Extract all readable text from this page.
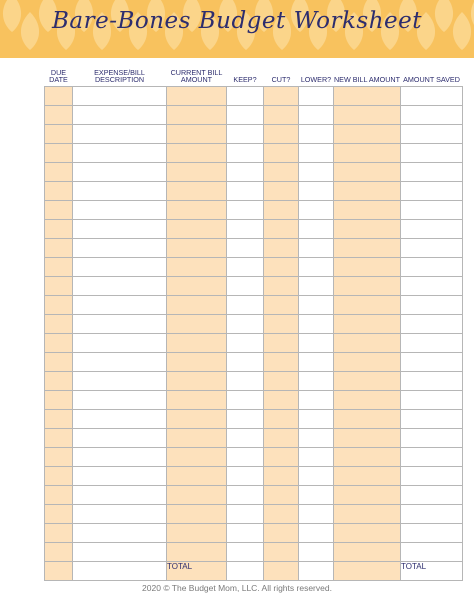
Bare-Bones Budget Worksheet
DUE DATE	EXPENSE/BILL DESCRIPTION	CURRENT BILL AMOUNT	KEEP?	CUT?	LOWER?	NEW BILL AMOUNT	AMOUNT SAVED

		TOTAL					TOTAL
2020 © The Budget Mom, LLC. All rights reserved.
